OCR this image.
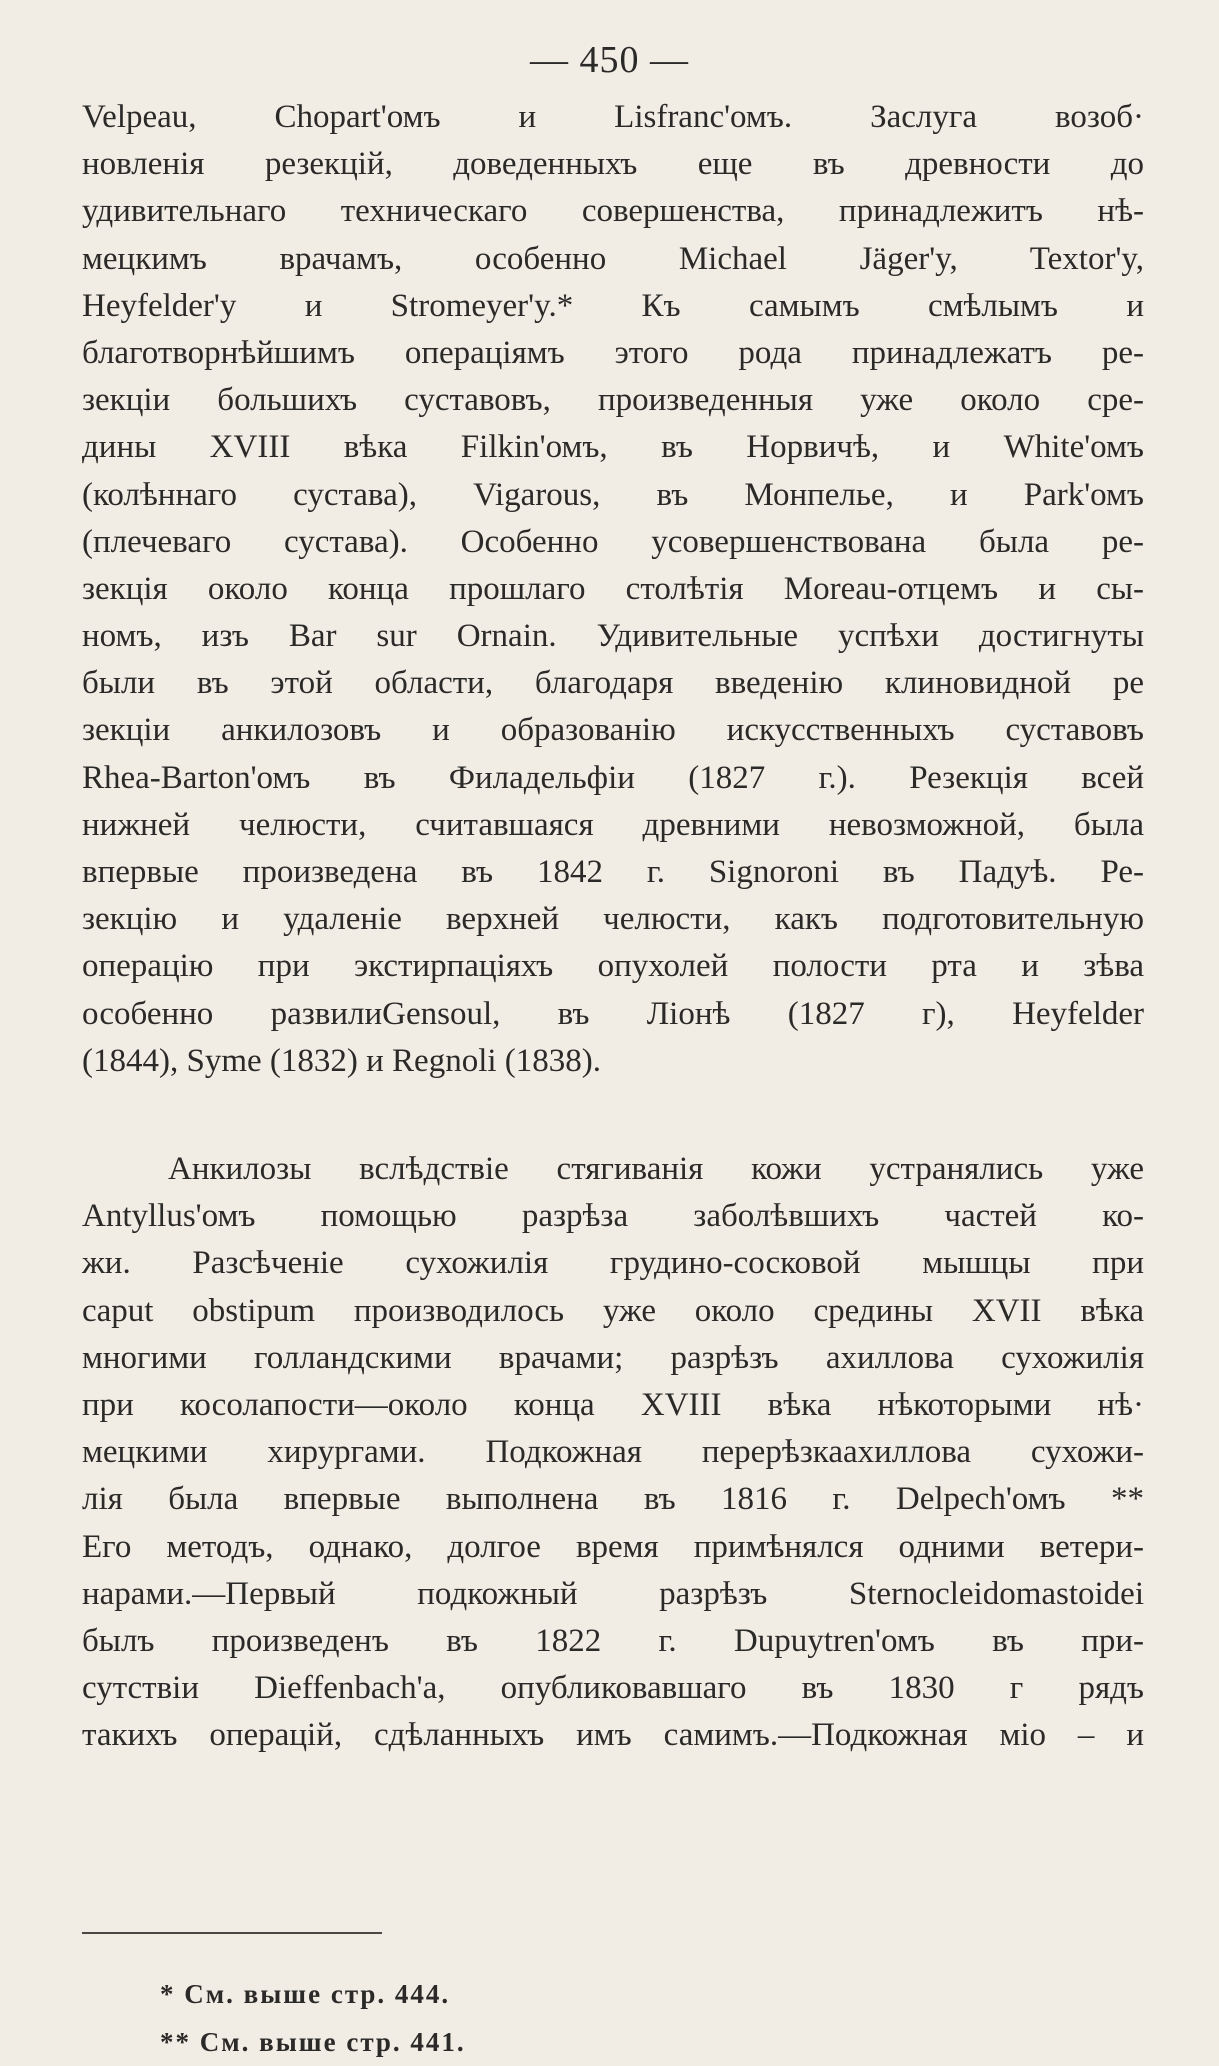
— 450 —
Velpeau, Chopart'омъ и Lisfranc'омъ. Заслуга возоб·
новленія резекцій, доведенныхъ еще въ древности до
удивительнаго техническаго совершенства, принадлежитъ нѣ-
мецкимъ врачамъ, особенно Michael Jäger'y, Textor'y,
Heyfelder'y и Stromeyer'y.* Къ самымъ смѣлымъ и
благотворнѣйшимъ операціямъ этого рода принадлежатъ ре-
зекціи большихъ суставовъ, произведенныя уже около сре-
дины XVIII вѣка Filkin'омъ, въ Норвичѣ, и White'омъ
(колѣннаго сустава), Vigarous, въ Монпелье, и Park'омъ
(плечеваго сустава). Особенно усовершенствована была ре-
зекція около конца прошлаго столѣтія Moreau-отцемъ и сы-
номъ, изъ Bar sur Ornain. Удивительные успѣхи достигнуты
были въ этой области, благодаря введенію клиновидной ре
зекціи анкилозовъ и образованію искусственныхъ суставовъ
Rhea-Barton'омъ въ Филадельфіи (1827 г.). Резекція всей
нижней челюсти, считавшаяся древними невозможной, была
впервые произведена въ 1842 г. Signoroni въ Падуѣ. Ре-
зекцію и удаленіе верхней челюсти, какъ подготовительную
операцію при экстирпаціяхъ опухолей полости рта и зѣва
особенно развилиGensoul, въ Ліонѣ (1827 г), Heyfelder
(1844), Syme (1832) и Regnoli (1838).
Анкилозы вслѣдствіе стягиванія кожи устранялись уже
Antyllus'омъ помощью разрѣза заболѣвшихъ частей ко-
жи. Разсѣченіе сухожилія грудино-сосковой мышцы при
caput obstipum производилось уже около средины XVII вѣка
многими голландскими врачами; разрѣзъ ахиллова сухожилія
при косолапости—около конца XVIII вѣка нѣкоторыми нѣ·
мецкими хирургами. Подкожная перерѣзкаахиллова сухожи-
лія была впервые выполнена въ 1816 г. Delpech'омъ **
Его методъ, однако, долгое время примѣнялся одними ветери-
нарами.—Первый подкожный разрѣзъ Sternocleidomastoidei
былъ произведенъ въ 1822 г. Dupuytren'омъ въ при-
сутствіи Dieffenbach'a, опубликовавшаго въ 1830 г рядъ
такихъ операцій, сдѣланныхъ имъ самимъ.—Подкожная міо – и
* См. выше стр. 444.
** См. выше стр. 441.
